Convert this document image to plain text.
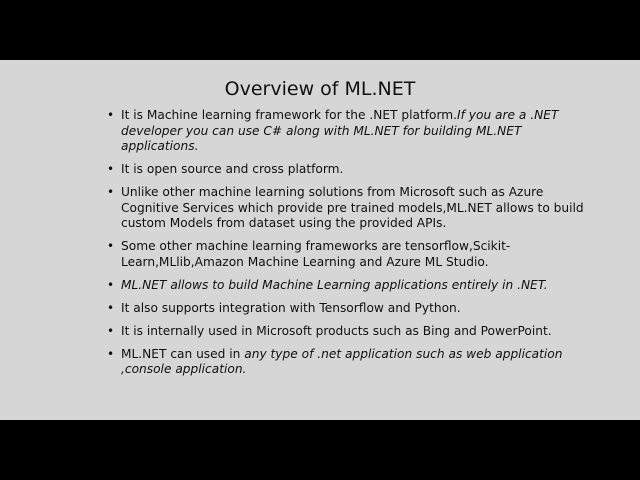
Overview of ML.NET
• It is Machine learning framework for the .NET platform.If you are a .NET developer you can use C# along with ML.NET for building ML.NET applications.
• It is open source and cross platform.
• Unlike other machine learning solutions from Microsoft such as Azure Cognitive Services which provide pre trained models,ML.NET allows to build custom Models from dataset using the provided APIs.
• Some other machine learning frameworks are tensorflow,Scikit-Learn,MLlib,Amazon Machine Learning and Azure ML Studio.
• ML.NET allows to build Machine Learning applications entirely in .NET.
• It also supports integration with Tensorflow and Python.
• It is internally used in Microsoft products such as Bing and PowerPoint.
• ML.NET can used in any type of .net application such as web application ,console application.
